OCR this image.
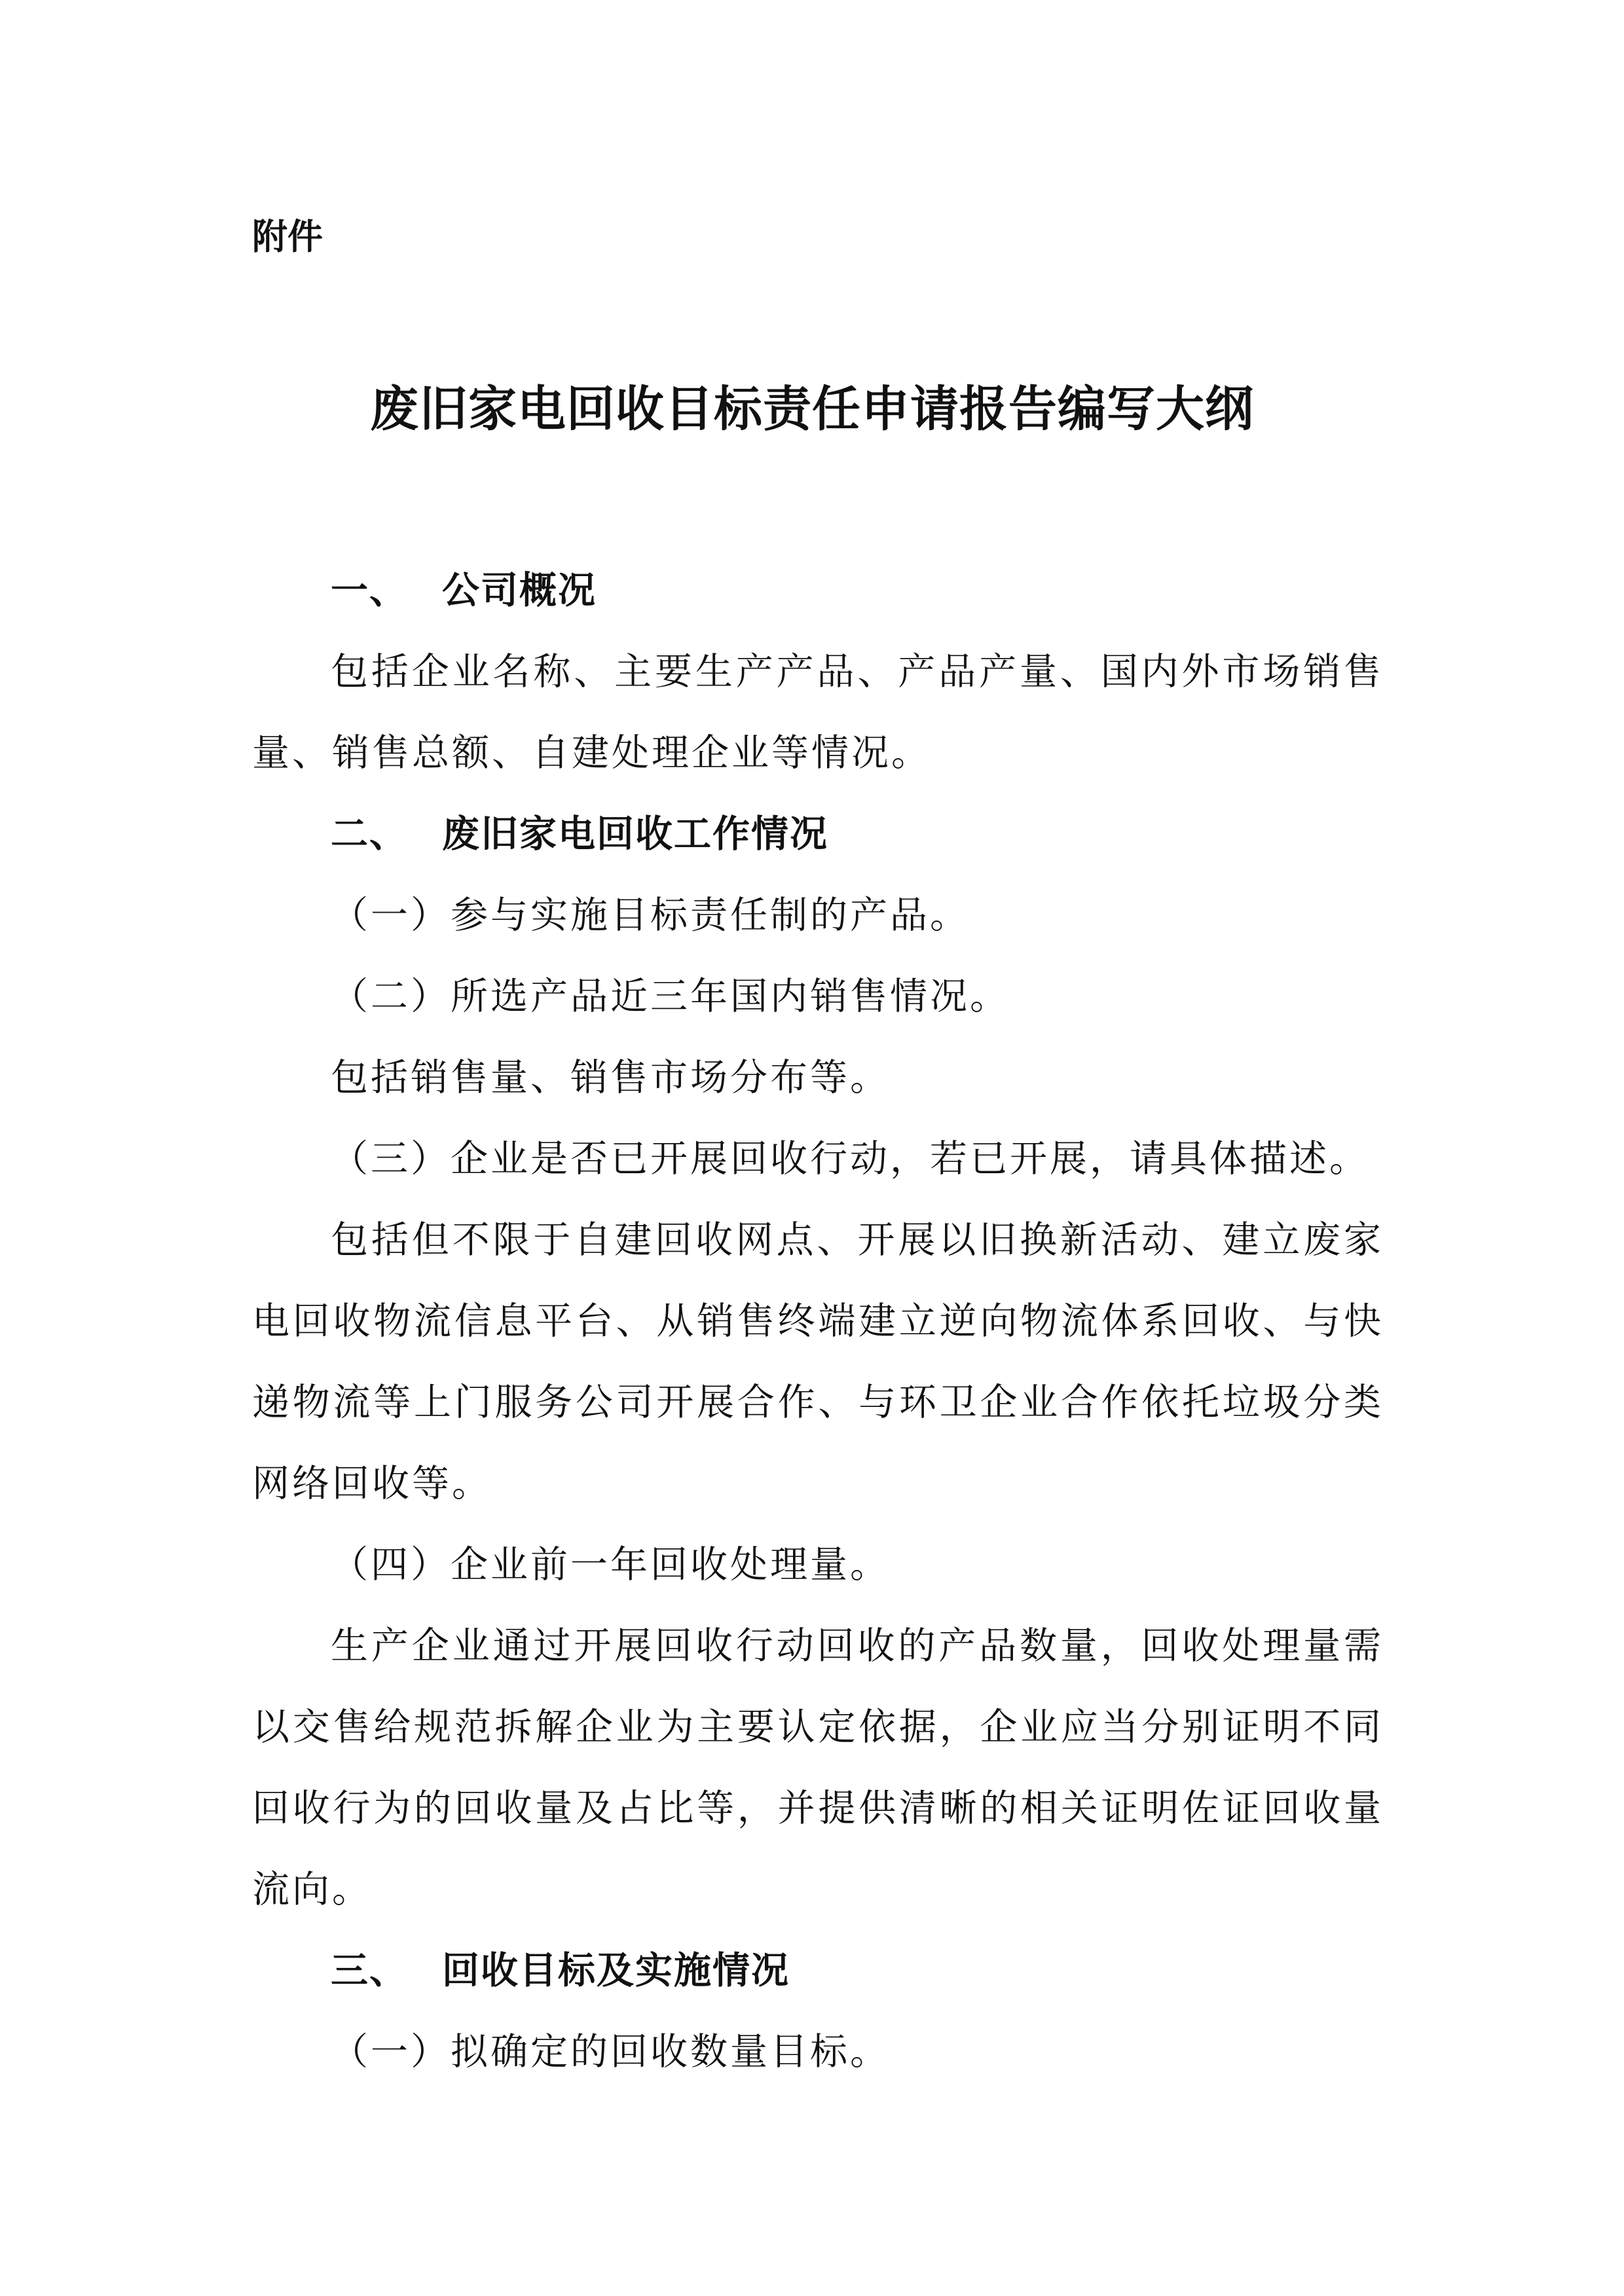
附件

废旧家电回收目标责任申请报告编写大纲

一、 公司概况

包括企业名称、主要生产产品、产品产量、国内外市场销售量、销售总额、自建处理企业等情况。

二、 废旧家电回收工作情况

（一）参与实施目标责任制的产品。

（二）所选产品近三年国内销售情况。

包括销售量、销售市场分布等。

（三）企业是否已开展回收行动，若已开展，请具体描述。

包括但不限于自建回收网点、开展以旧换新活动、建立废家电回收物流信息平台、从销售终端建立逆向物流体系回收、与快递物流等上门服务公司开展合作、与环卫企业合作依托垃圾分类网络回收等。

（四）企业前一年回收处理量。

生产企业通过开展回收行动回收的产品数量，回收处理量需以交售给规范拆解企业为主要认定依据，企业应当分别证明不同回收行为的回收量及占比等，并提供清晰的相关证明佐证回收量流向。

三、 回收目标及实施情况

（一）拟确定的回收数量目标。
